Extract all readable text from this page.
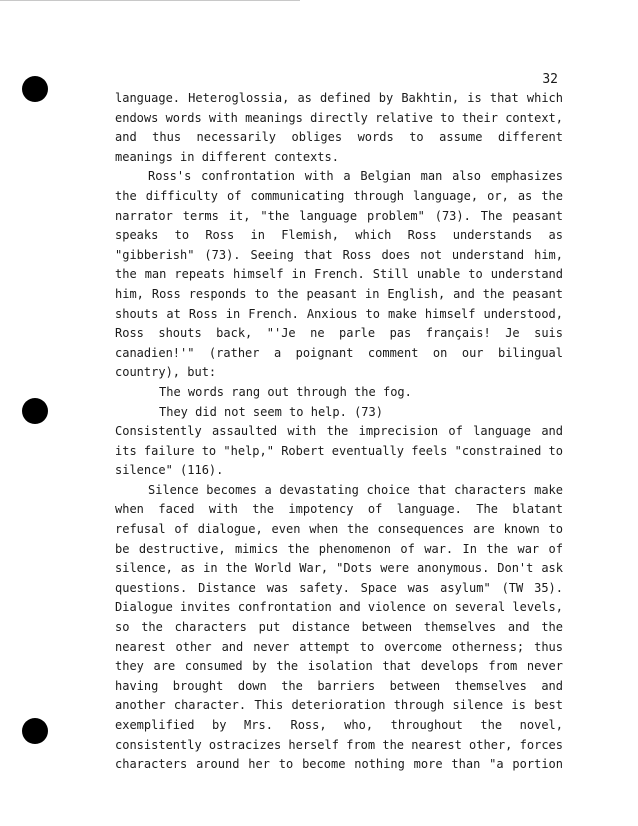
32
language. Heteroglossia, as defined by Bakhtin, is that which
endows words with meanings directly relative to their context,
and thus necessarily obliges words to assume different
meanings in different contexts.
Ross's confrontation with a Belgian man also emphasizes
the difficulty of communicating through language, or, as the
narrator terms it, "the language problem" (73). The peasant
speaks to Ross in Flemish, which Ross understands as
"gibberish" (73). Seeing that Ross does not understand him,
the man repeats himself in French. Still unable to understand
him, Ross responds to the peasant in English, and the peasant
shouts at Ross in French. Anxious to make himself understood,
Ross shouts back, "'Je ne parle pas français! Je suis
canadien!'" (rather a poignant comment on our bilingual
country), but:
The words rang out through the fog.
They did not seem to help. (73)
Consistently assaulted with the imprecision of language and
its failure to "help," Robert eventually feels "constrained to
silence" (116).
Silence becomes a devastating choice that characters make
when faced with the impotency of language. The blatant
refusal of dialogue, even when the consequences are known to
be destructive, mimics the phenomenon of war. In the war of
silence, as in the World War, "Dots were anonymous. Don't ask
questions. Distance was safety. Space was asylum" (TW 35).
Dialogue invites confrontation and violence on several levels,
so the characters put distance between themselves and the
nearest other and never attempt to overcome otherness; thus
they are consumed by the isolation that develops from never
having brought down the barriers between themselves and
another character. This deterioration through silence is best
exemplified by Mrs. Ross, who, throughout the novel,
consistently ostracizes herself from the nearest other, forces
characters around her to become nothing more than "a portion
